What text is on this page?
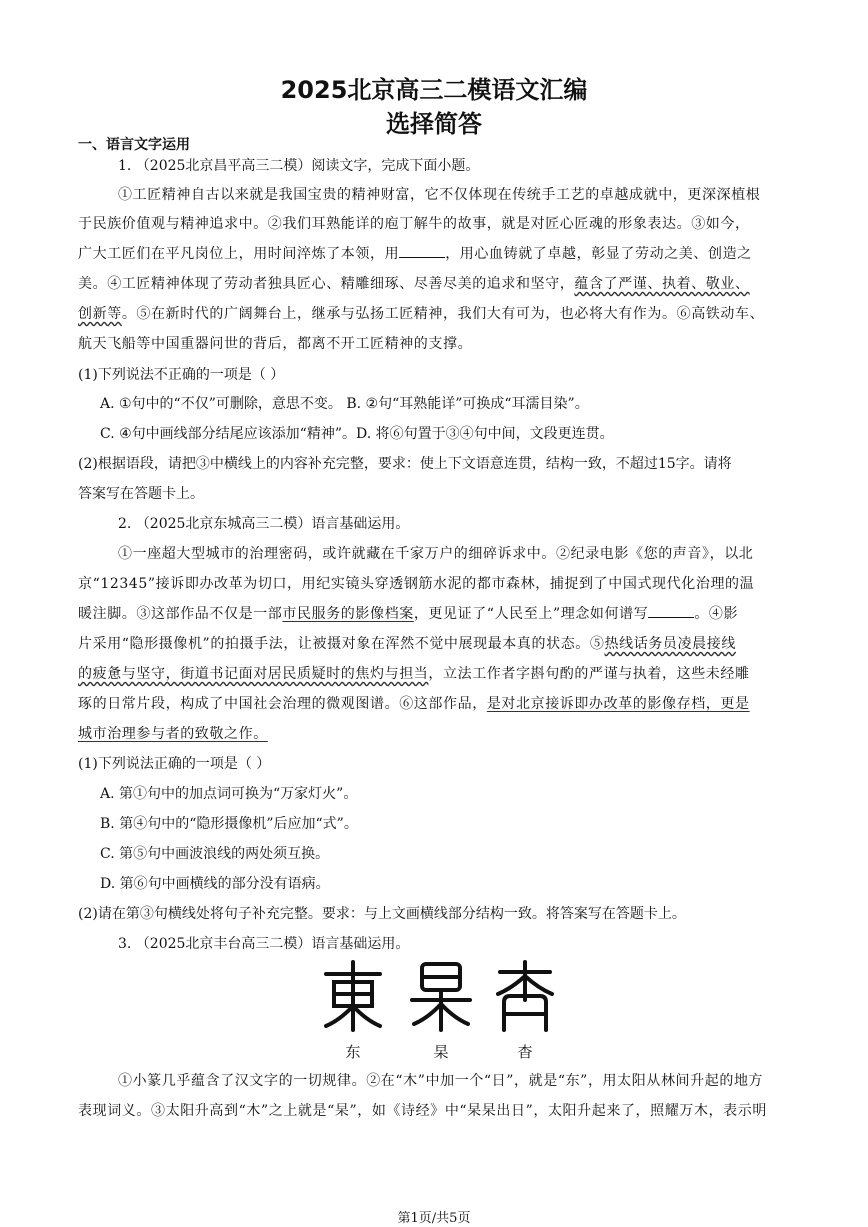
2025北京高三二模语文汇编
选择简答
一、语言文字运用
1. （2025北京昌平高三二模）阅读文字，完成下面小题。
①工匠精神自古以来就是我国宝贵的精神财富，它不仅体现在传统手工艺的卓越成就中，更深深植根
于民族价值观与精神追求中。②我们耳熟能详的庖丁解牛的故事，就是对匠心匠魂的形象表达。③如今，
广大工匠们在平凡岗位上，用时间淬炼了本领，用	，用心血铸就了卓越，彰显了劳动之美、创造之
美。④工匠精神体现了劳动者独具匠心、精雕细琢、尽善尽美的追求和坚守，蕴含了严谨、执着、敬业、
创新等。⑤在新时代的广阔舞台上，继承与弘扬工匠精神，我们大有可为，也必将大有作为。⑥高铁动车、
航天飞船等中国重器问世的背后，都离不开工匠精神的支撑。
(1)下列说法不正确的一项是（ ）
A. ①句中的“不仅”可删除，意思不变。 B. ②句“耳熟能详”可换成“耳濡目染”。
C. ④句中画线部分结尾应该添加“精神”。D. 将⑥句置于③④句中间，文段更连贯。
(2)根据语段，请把③中横线上的内容补充完整，要求：使上下文语意连贯，结构一致，不超过15字。请将
答案写在答题卡上。
2. （2025北京东城高三二模）语言基础运用。
①一座超大型城市的治理密码，或许就藏在千家万户的细碎诉求中。②纪录电影《您的声音》，以北
京“12345”接诉即办改革为切口，用纪实镜头穿透钢筋水泥的都市森林，捕捉到了中国式现代化治理的温
暖注脚。③这部作品不仅是一部市民服务的影像档案，更见证了“人民至上”理念如何谱写	。④影
片采用“隐形摄像机”的拍摄手法，让被摄对象在浑然不觉中展现最本真的状态。⑤热线话务员凌晨接线
的疲惫与坚守，街道书记面对居民质疑时的焦灼与担当，立法工作者字斟句酌的严谨与执着，这些未经雕
琢的日常片段，构成了中国社会治理的微观图谱。⑥这部作品，是对北京接诉即办改革的影像存档，更是
城市治理参与者的致敬之作。
(1)下列说法正确的一项是（ ）
A. 第①句中的加点词可换为“万家灯火”。
B. 第④句中的“隐形摄像机”后应加“式”。
C. 第⑤句中画波浪线的两处须互换。
D. 第⑥句中画横线的部分没有语病。
(2)请在第③句横线处将句子补充完整。要求：与上文画横线部分结构一致。将答案写在答题卡上。
3. （2025北京丰台高三二模）语言基础运用。
东	杲	杳
①小篆几乎蕴含了汉文字的一切规律。②在“木”中加一个“日”，就是“东”，用太阳从林间升起的地方
表现词义。③太阳升高到“木”之上就是“杲”，如《诗经》中“杲杲出日”，太阳升起来了，照耀万木，表示明
第1页/共5页
